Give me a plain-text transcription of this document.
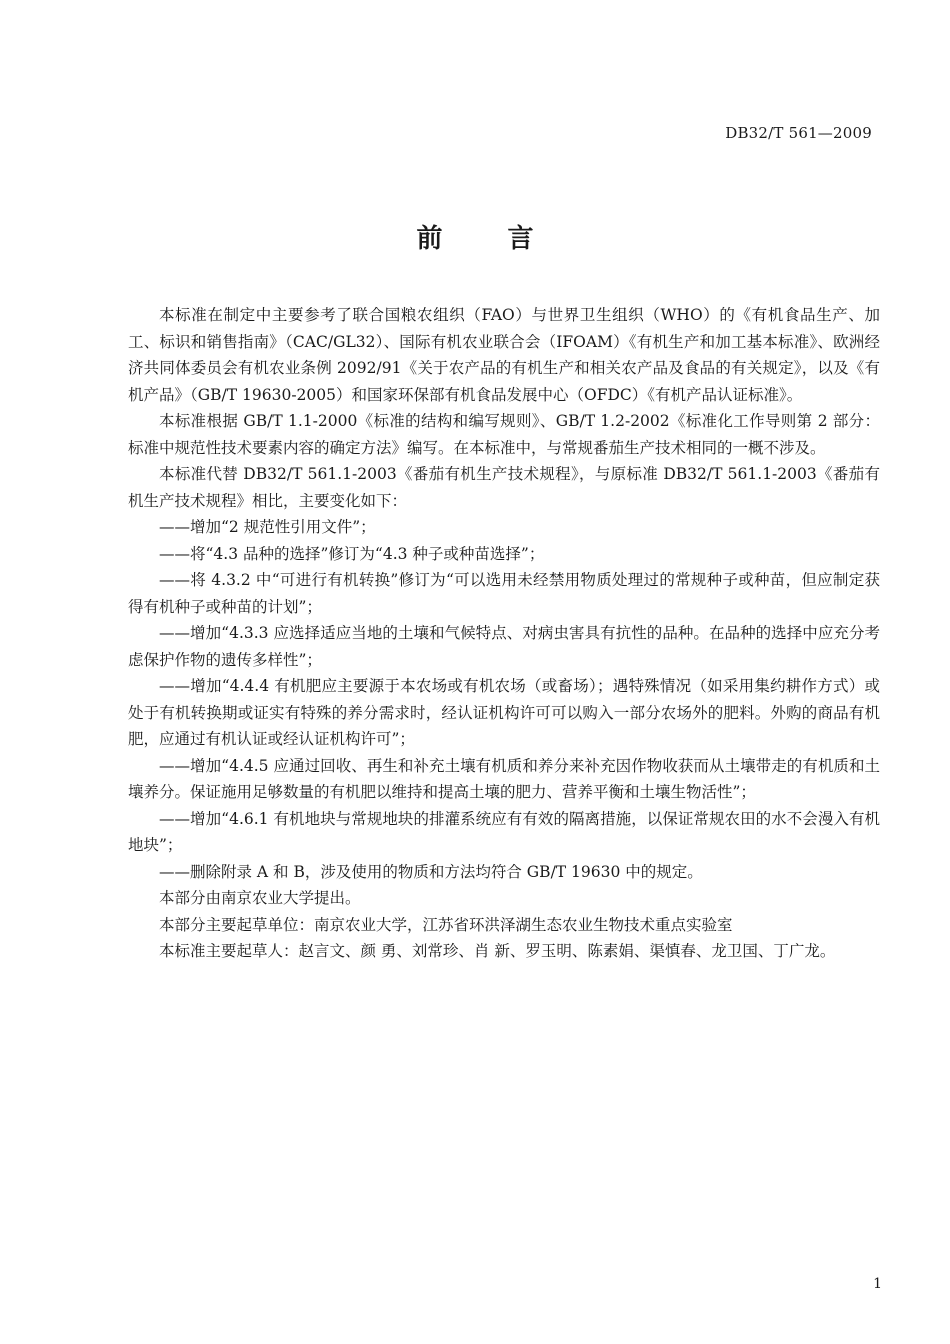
DB32/T 561—2009
前 言

本标准在制定中主要参考了联合国粮农组织（FAO）与世界卫生组织（WHO）的《有机食品生产、加工、标识和销售指南》（CAC/GL32）、国际有机农业联合会（IFOAM）《有机生产和加工基本标准》、欧洲经济共同体委员会有机农业条例 2092/91《关于农产品的有机生产和相关农产品及食品的有关规定》，以及《有机产品》（GB/T 19630-2005）和国家环保部有机食品发展中心（OFDC）《有机产品认证标准》。

本标准根据 GB/T 1.1-2000《标准的结构和编写规则》、GB/T 1.2-2002《标准化工作导则第 2 部分：标准中规范性技术要素内容的确定方法》编写。在本标准中，与常规番茄生产技术相同的一概不涉及。

本标准代替 DB32/T 561.1-2003《番茄有机生产技术规程》，与原标准 DB32/T 561.1-2003《番茄有机生产技术规程》相比，主要变化如下：

——增加“2 规范性引用文件”；

——将“4.3 品种的选择”修订为“4.3 种子或种苗选择”；

——将 4.3.2 中“可进行有机转换”修订为“可以选用未经禁用物质处理过的常规种子或种苗，但应制定获得有机种子或种苗的计划”；

——增加“4.3.3 应选择适应当地的土壤和气候特点、对病虫害具有抗性的品种。在品种的选择中应充分考虑保护作物的遗传多样性”；

——增加“4.4.4 有机肥应主要源于本农场或有机农场（或畜场）；遇特殊情况（如采用集约耕作方式）或处于有机转换期或证实有特殊的养分需求时，经认证机构许可可以购入一部分农场外的肥料。外购的商品有机肥，应通过有机认证或经认证机构许可”；

——增加“4.4.5 应通过回收、再生和补充土壤有机质和养分来补充因作物收获而从土壤带走的有机质和土壤养分。保证施用足够数量的有机肥以维持和提高土壤的肥力、营养平衡和土壤生物活性”；

——增加“4.6.1 有机地块与常规地块的排灌系统应有有效的隔离措施，以保证常规农田的水不会漫入有机地块”；

——删除附录 A 和 B，涉及使用的物质和方法均符合 GB/T 19630 中的规定。

本部分由南京农业大学提出。

本部分主要起草单位：南京农业大学，江苏省环洪泽湖生态农业生物技术重点实验室

本标准主要起草人：赵言文、颜 勇、刘常珍、肖 新、罗玉明、陈素娟、渠慎春、龙卫国、丁广龙。

1
